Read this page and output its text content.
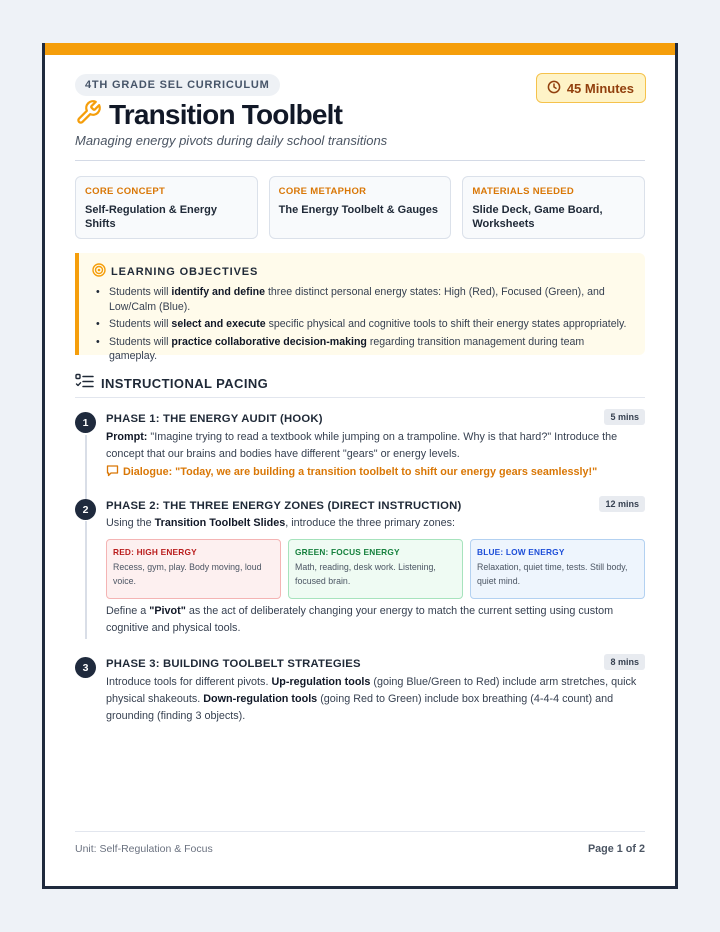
4TH GRADE SEL CURRICULUM	45 Minutes
Transition Toolbelt
Managing energy pivots during daily school transitions
CORE CONCEPT
Self-Regulation & Energy Shifts
CORE METAPHOR
The Energy Toolbelt & Gauges
MATERIALS NEEDED
Slide Deck, Game Board, Worksheets
LEARNING OBJECTIVES
• Students will identify and define three distinct personal energy states: High (Red), Focused (Green), and Low/Calm (Blue).
• Students will select and execute specific physical and cognitive tools to shift their energy states appropriately.
• Students will practice collaborative decision-making regarding transition management during team gameplay.
INSTRUCTIONAL PACING
1	PHASE 1: THE ENERGY AUDIT (HOOK)	5 mins
Prompt: "Imagine trying to read a textbook while jumping on a trampoline. Why is that hard?" Introduce the concept that our brains and bodies have different "gears" or energy levels.
Dialogue: "Today, we are building a transition toolbelt to shift our energy gears seamlessly!"
2	PHASE 2: THE THREE ENERGY ZONES (DIRECT INSTRUCTION)	12 mins
Using the Transition Toolbelt Slides, introduce the three primary zones:
RED: HIGH ENERGY
Recess, gym, play. Body moving, loud voice.
GREEN: FOCUS ENERGY
Math, reading, desk work. Listening, focused brain.
BLUE: LOW ENERGY
Relaxation, quiet time, tests. Still body, quiet mind.
Define a "Pivot" as the act of deliberately changing your energy to match the current setting using custom cognitive and physical tools.
3	PHASE 3: BUILDING TOOLBELT STRATEGIES	8 mins
Introduce tools for different pivots. Up-regulation tools (going Blue/Green to Red) include arm stretches, quick physical shakeouts. Down-regulation tools (going Red to Green) include box breathing (4-4-4 count) and grounding (finding 3 objects).
Unit: Self-Regulation & Focus	Page 1 of 2
